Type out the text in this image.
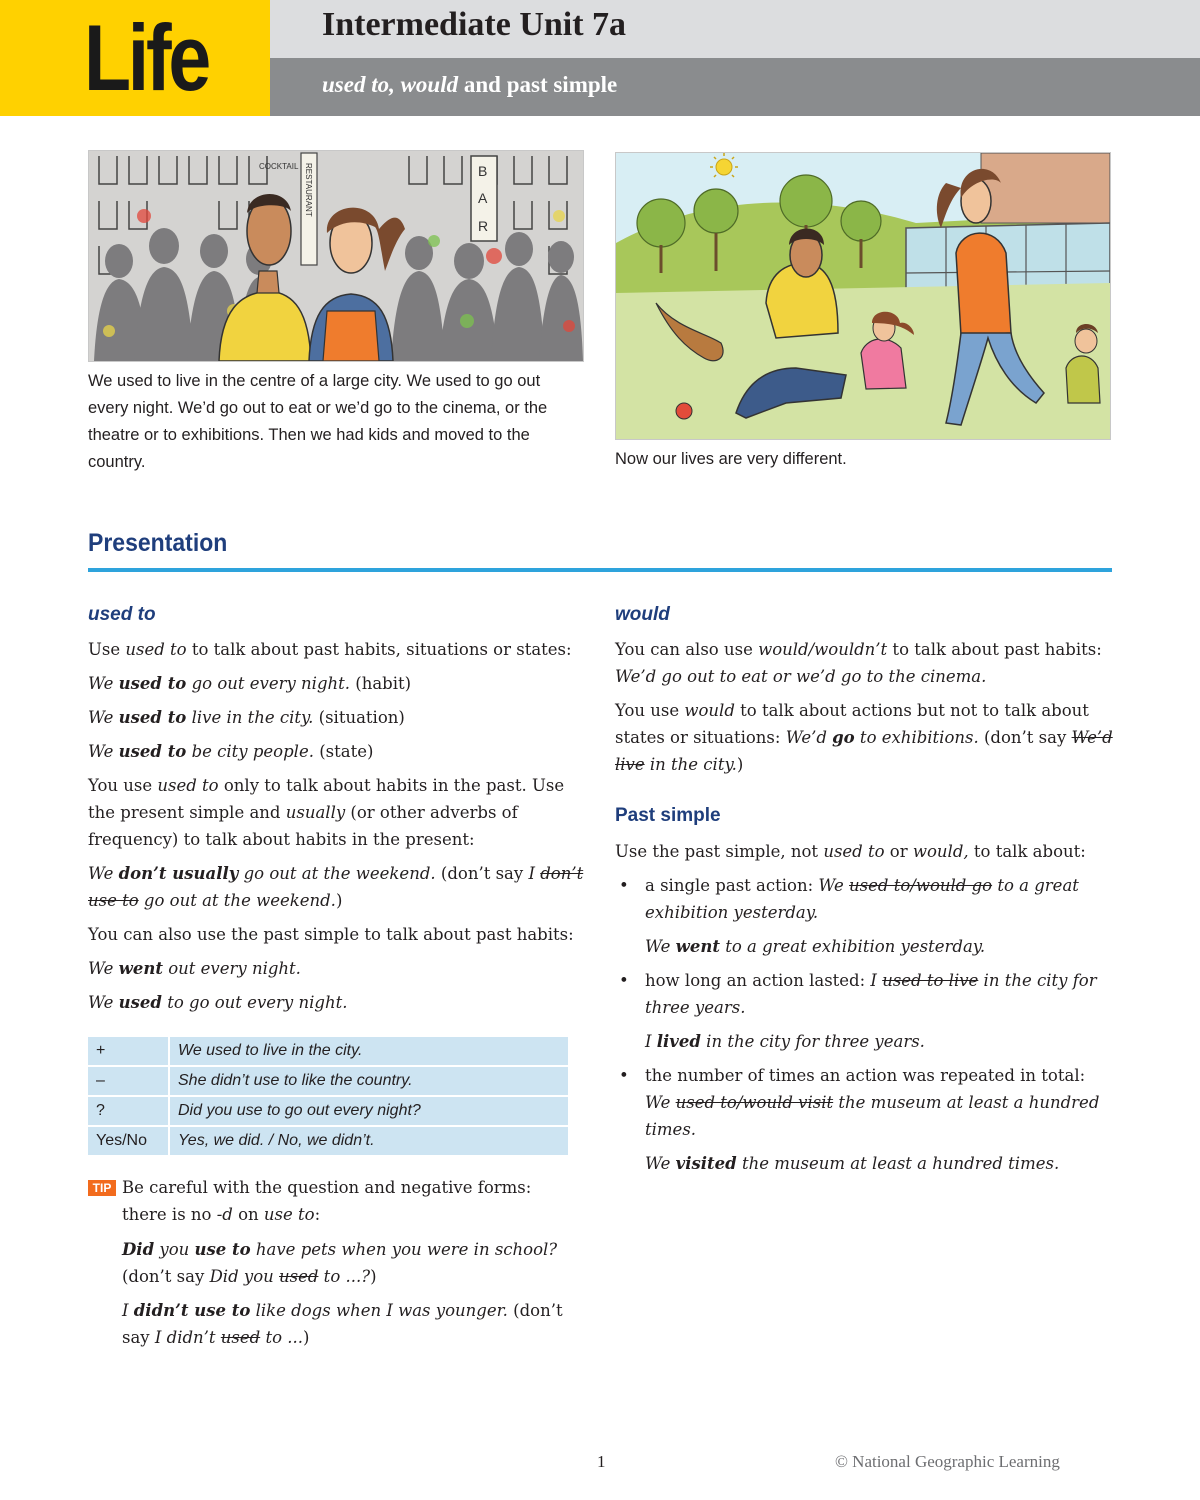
Life	Intermediate Unit 7a
used to, would and past simple
B
A
R
RESTAURANT
COCKTAIL
We used to live in the centre of a large city. We used to go out every night. We’d go out to eat or we’d go to the cinema, or the theatre or to exhibitions. Then we had kids and moved to the country.	Now our lives are very different.
Presentation
used to

Use used to to talk about past habits, situations or states:

We used to go out every night. (habit)

We used to live in the city. (situation)

We used to be city people. (state)

You use used to only to talk about habits in the past. Use the present simple and usually (or other adverbs of frequency) to talk about habits in the present:

We don’t usually go out at the weekend. (don’t say I don’t use to go out at the weekend.)

You can also use the past simple to talk about past habits:

We went out every night.

We used to go out every night.

+	We used to live in the city.
–	She didn’t use to like the country.
?	Did you use to go out every night?
Yes/No	Yes, we did. / No, we didn’t.
TIP Be careful with the question and negative forms: there is no -d on use to:

Did you use to have pets when you were in school?
(don’t say Did you used to ...?)

I didn’t use to like dogs when I was younger. (don’t say I didn’t used to ...)

would

You can also use would/wouldn’t to talk about past habits: We’d go out to eat or we’d go to the cinema.

You use would to talk about actions but not to talk about states or situations: We’d go to exhibitions. (don’t say We’d live in the city.)

Past simple

Use the past simple, not used to or would, to talk about:

• a single past action: We used to/would go to a great exhibition yesterday.

We went to a great exhibition yesterday.

• how long an action lasted: I used to live in the city for three years.

I lived in the city for three years.

• the number of times an action was repeated in total: We used to/would visit the museum at least a hundred times.

We visited the museum at least a hundred times.

1	© National Geographic Learning
